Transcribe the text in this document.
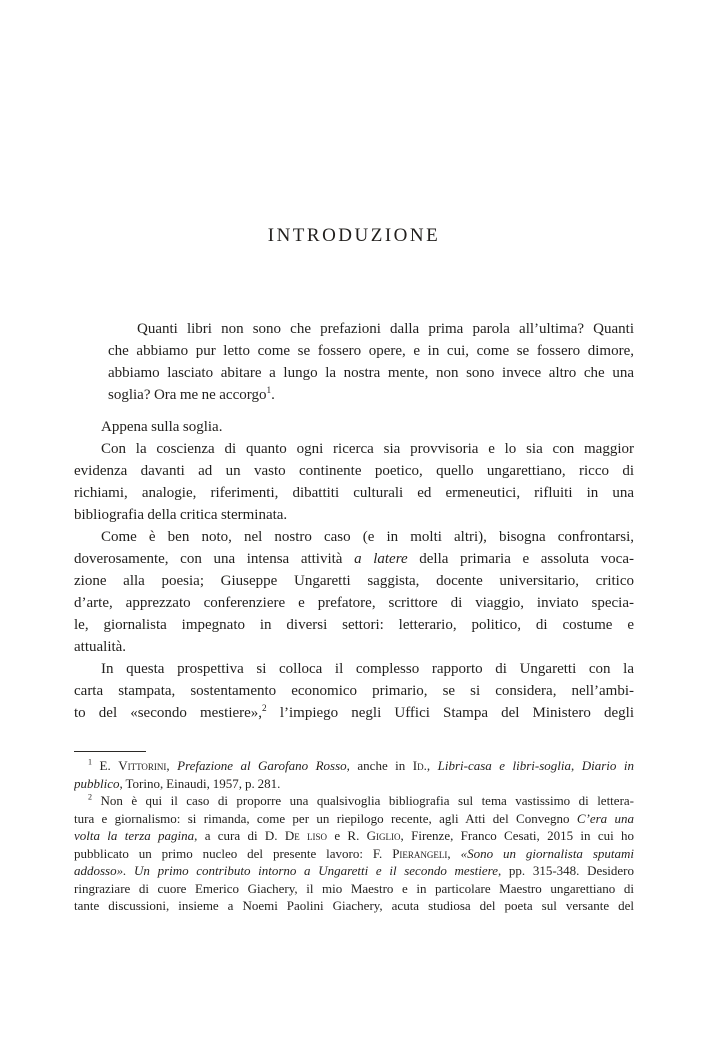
INTRODUZIONE
Quanti libri non sono che prefazioni dalla prima parola all’ultima? Quanti
che abbiamo pur letto come se fossero opere, e in cui, come se fossero dimore,
abbiamo lasciato abitare a lungo la nostra mente, non sono invece altro che una
soglia? Ora me ne accorgo$^1$.

Appena sulla soglia.

Con la coscienza di quanto ogni ricerca sia provvisoria e lo sia con maggior
evidenza davanti ad un vasto continente poetico, quello ungarettiano, ricco di
richiami, analogie, riferimenti, dibattiti culturali ed ermeneutici, rifluiti in una
bibliografia della critica sterminata.

Come è ben noto, nel nostro caso (e in molti altri), bisogna confrontarsi,
doverosamente, con una intensa attività a latere della primaria e assoluta voca-
zione alla poesia; Giuseppe Ungaretti saggista, docente universitario, critico
d’arte, apprezzato conferenziere e prefatore, scrittore di viaggio, inviato specia-
le, giornalista impegnato in diversi settori: letterario, politico, di costume e
attualità.

In questa prospettiva si colloca il complesso rapporto di Ungaretti con la
carta stampata, sostentamento economico primario, se si considera, nell’ambi-
to del «secondo mestiere»,$^2$ l’impiego negli Uffici Stampa del Ministero degli

$^1$ E. Vittorini, Prefazione al Garofano Rosso, anche in Id., Libri-casa e libri-soglia, Diario in
pubblico, Torino, Einaudi, 1957, p. 281.
$^2$ Non è qui il caso di proporre una qualsivoglia bibliografia sul tema vastissimo di lettera-
tura e giornalismo: si rimanda, come per un riepilogo recente, agli Atti del Convegno C’era una
volta la terza pagina, a cura di D. De liso e R. Giglio, Firenze, Franco Cesati, 2015 in cui ho
pubblicato un primo nucleo del presente lavoro: F. Pierangeli, «Sono un giornalista sputami
addosso». Un primo contributo intorno a Ungaretti e il secondo mestiere, pp. 315-348. Desidero
ringraziare di cuore Emerico Giachery, il mio Maestro e in particolare Maestro ungarettiano di
tante discussioni, insieme a Noemi Paolini Giachery, acuta studiosa del poeta sul versante del
